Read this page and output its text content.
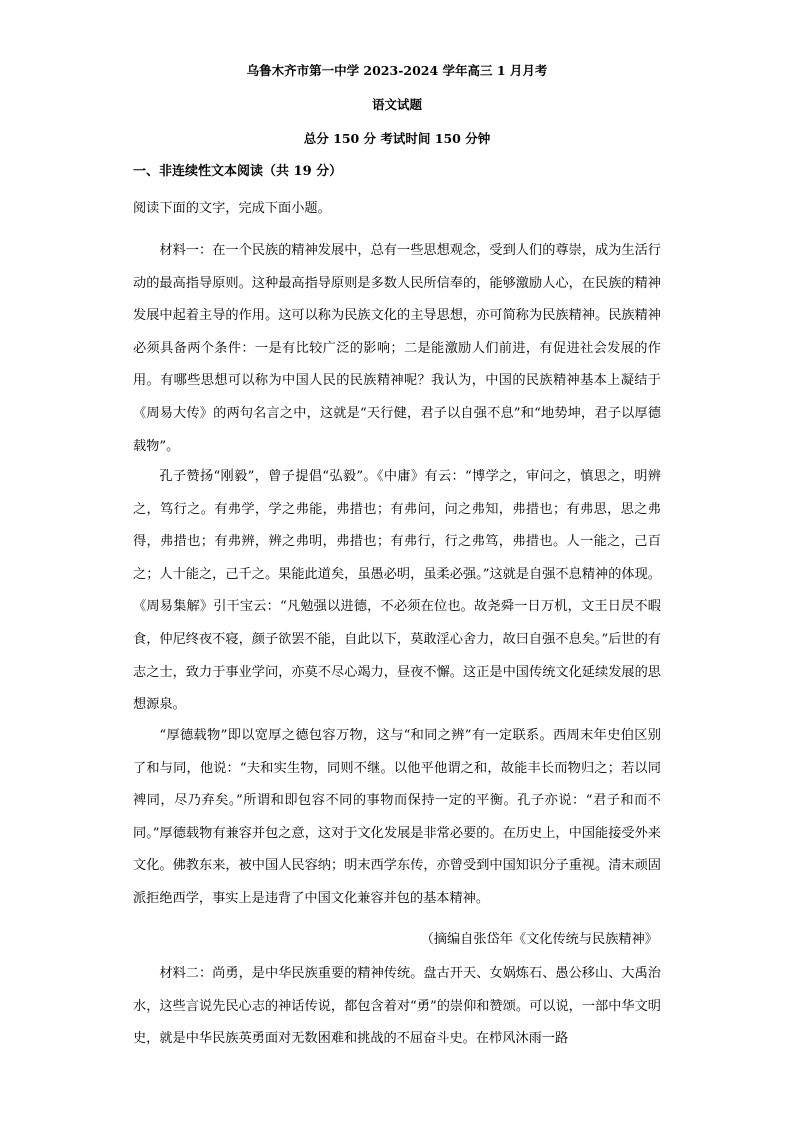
乌鲁木齐市第一中学 2023-2024 学年高三 1 月月考
语文试题
总分 150 分 考试时间 150 分钟
一、非连续性文本阅读（共 19 分）
阅读下面的文字，完成下面小题。

材料一：在一个民族的精神发展中，总有一些思想观念，受到人们的尊崇，成为生活行动的最高指导原则。这种最高指导原则是多数人民所信奉的，能够激励人心，在民族的精神发展中起着主导的作用。这可以称为民族文化的主导思想，亦可简称为民族精神。民族精神必须具备两个条件：一是有比较广泛的影响；二是能激励人们前进，有促进社会发展的作用。有哪些思想可以称为中国人民的民族精神呢？我认为，中国的民族精神基本上凝结于《周易大传》的两句名言之中，这就是“天行健，君子以自强不息”和“地势坤，君子以厚德载物”。

孔子赞扬“刚毅”，曾子提倡“弘毅”。《中庸》有云：“博学之，审问之，慎思之，明辨之，笃行之。有弗学，学之弗能，弗措也；有弗问，问之弗知，弗措也；有弗思，思之弗得，弗措也；有弗辨，辨之弗明，弗措也；有弗行，行之弗笃，弗措也。人一能之，己百之；人十能之，己千之。果能此道矣，虽愚必明，虽柔必强。”这就是自强不息精神的体现。《周易集解》引干宝云：“凡勉强以进德，不必须在位也。故尧舜一日万机，文王日昃不暇食，仲尼终夜不寝，颜子欲罢不能，自此以下，莫敢淫心舍力，故曰自强不息矣。”后世的有志之士，致力于事业学问，亦莫不尽心竭力，昼夜不懈。这正是中国传统文化延续发展的思想源泉。

“厚德载物”即以宽厚之德包容万物，这与“和同之辨”有一定联系。西周末年史伯区别了和与同，他说：“夫和实生物，同则不继。以他平他谓之和，故能丰长而物归之；若以同裨同，尽乃弃矣。”所谓和即包容不同的事物而保持一定的平衡。孔子亦说：“君子和而不同。”厚德载物有兼容并包之意，这对于文化发展是非常必要的。在历史上，中国能接受外来文化。佛教东来，被中国人民容纳；明末西学东传，亦曾受到中国知识分子重视。清末顽固派拒绝西学，事实上是违背了中国文化兼容并包的基本精神。

（摘编自张岱年《文化传统与民族精神》

材料二：尚勇，是中华民族重要的精神传统。盘古开天、女娲炼石、愚公移山、大禹治水，这些言说先民心志的神话传说，都包含着对“勇”的崇仰和赞颂。可以说，一部中华文明史，就是中华民族英勇面对无数困难和挑战的不屈奋斗史。在栉风沐雨一路
